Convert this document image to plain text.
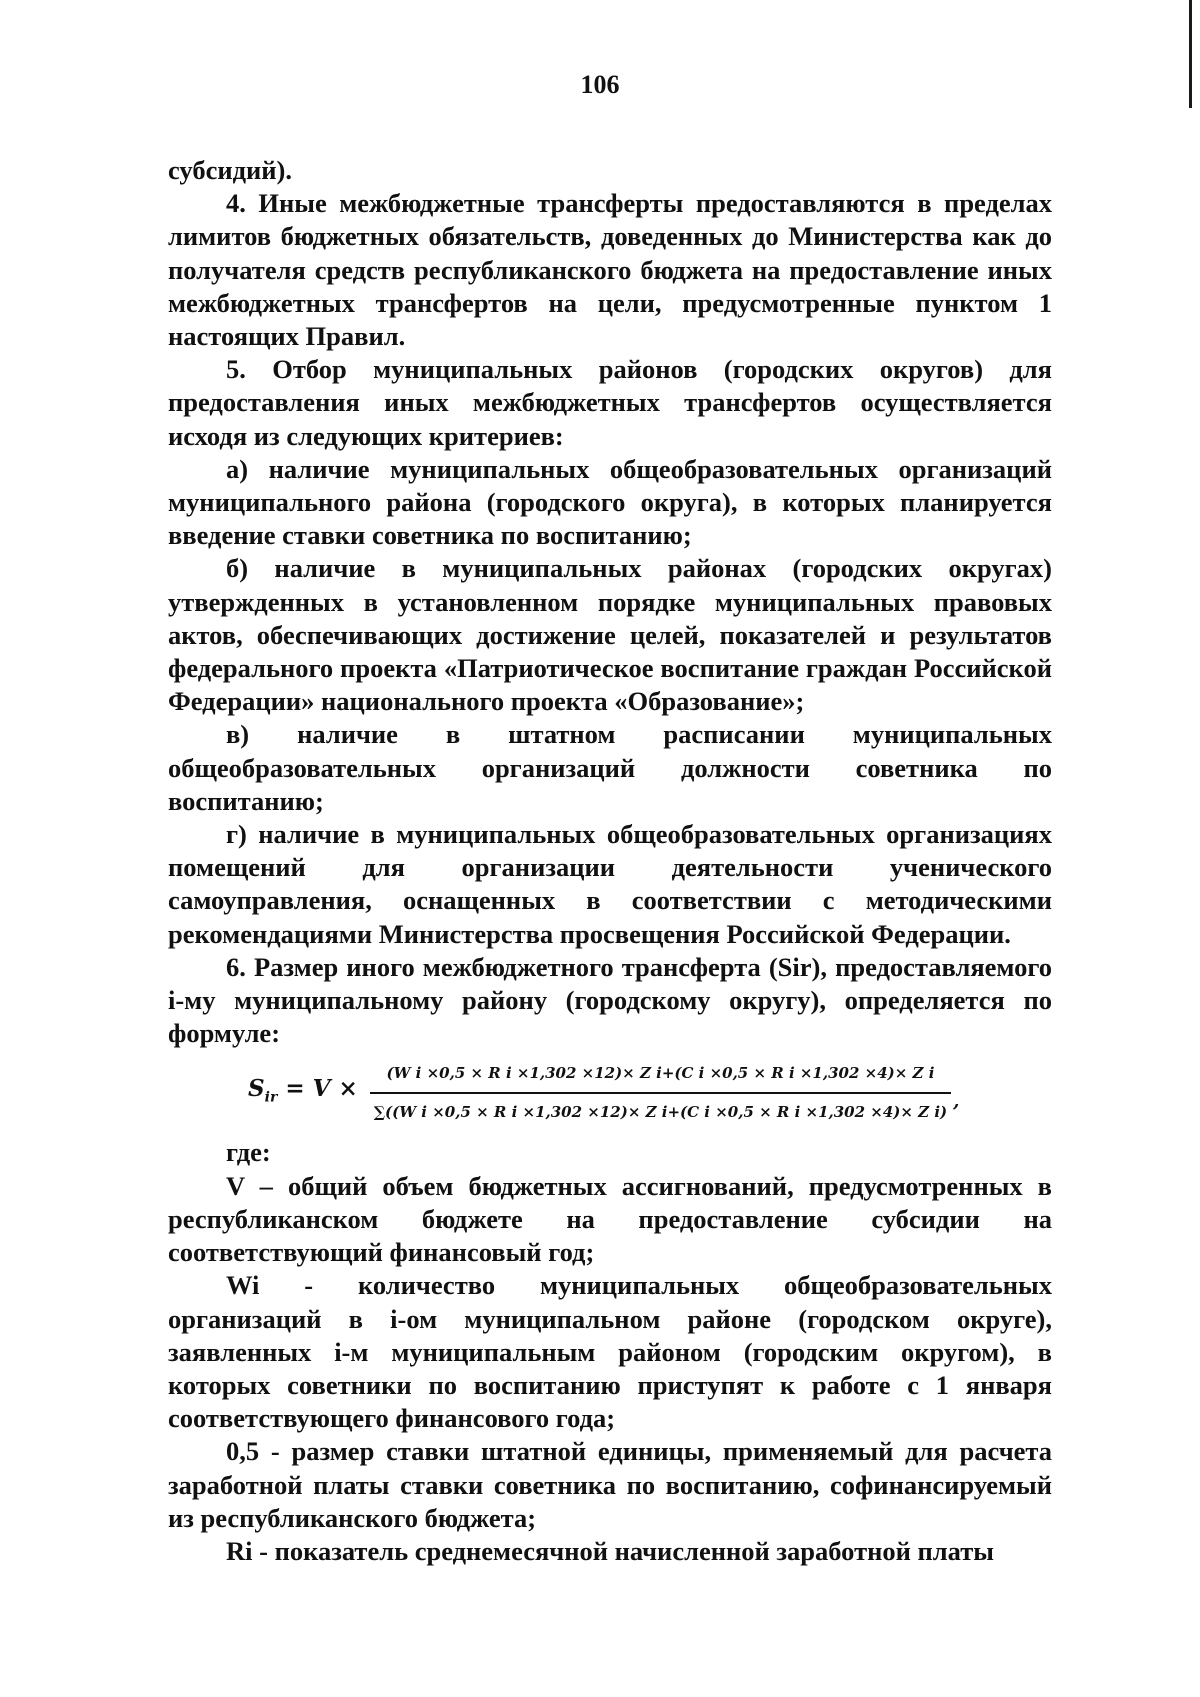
106

субсидий).

4. Иные межбюджетные трансферты предоставляются в пределах лимитов бюджетных обязательств, доведенных до Министерства как до получателя средств республиканского бюджета на предоставление иных межбюджетных трансфертов на цели, предусмотренные пунктом 1 настоящих Правил.

5. Отбор муниципальных районов (городских округов) для предоставления иных межбюджетных трансфертов осуществляется исходя из следующих критериев:

а) наличие муниципальных общеобразовательных организаций муниципального района (городского округа), в которых планируется введение ставки советника по воспитанию;

б) наличие в муниципальных районах (городских округах) утвержденных в установленном порядке муниципальных правовых актов, обеспечивающих достижение целей, показателей и результатов федерального проекта «Патриотическое воспитание граждан Российской Федерации» национального проекта «Образование»;

в) наличие в штатном расписании муниципальных общеобразовательных организаций должности советника по воспитанию;

г) наличие в муниципальных общеобразовательных организациях помещений для организации деятельности ученического самоуправления, оснащенных в соответствии с методическими рекомендациями Министерства просвещения Российской Федерации.

6. Размер иного межбюджетного трансферта (Sir), предоставляемого i-му муниципальному району (городскому округу), определяется по формуле:

$S_{ir} = V$ ×
(W i ×0,5 × R i ×1,302 ×12)× Z i+(C i ×0,5 × R i ×1,302 ×4)× Z i
∑((W i ×0,5 × R i ×1,302 ×12)× Z i+(C i ×0,5 × R i ×1,302 ×4)× Z i)
,

где:

V – общий объем бюджетных ассигнований, предусмотренных в республиканском бюджете на предоставление субсидии на соответствующий финансовый год;

Wi - количество муниципальных общеобразовательных организаций в i-ом муниципальном районе (городском округе), заявленных i-м муниципальным районом (городским округом), в которых советники по воспитанию приступят к работе с 1 января соответствующего финансового года;

0,5 - размер ставки штатной единицы, применяемый для расчета заработной платы ставки советника по воспитанию, софинансируемый из республиканского бюджета;

Ri - показатель среднемесячной начисленной заработной платы
